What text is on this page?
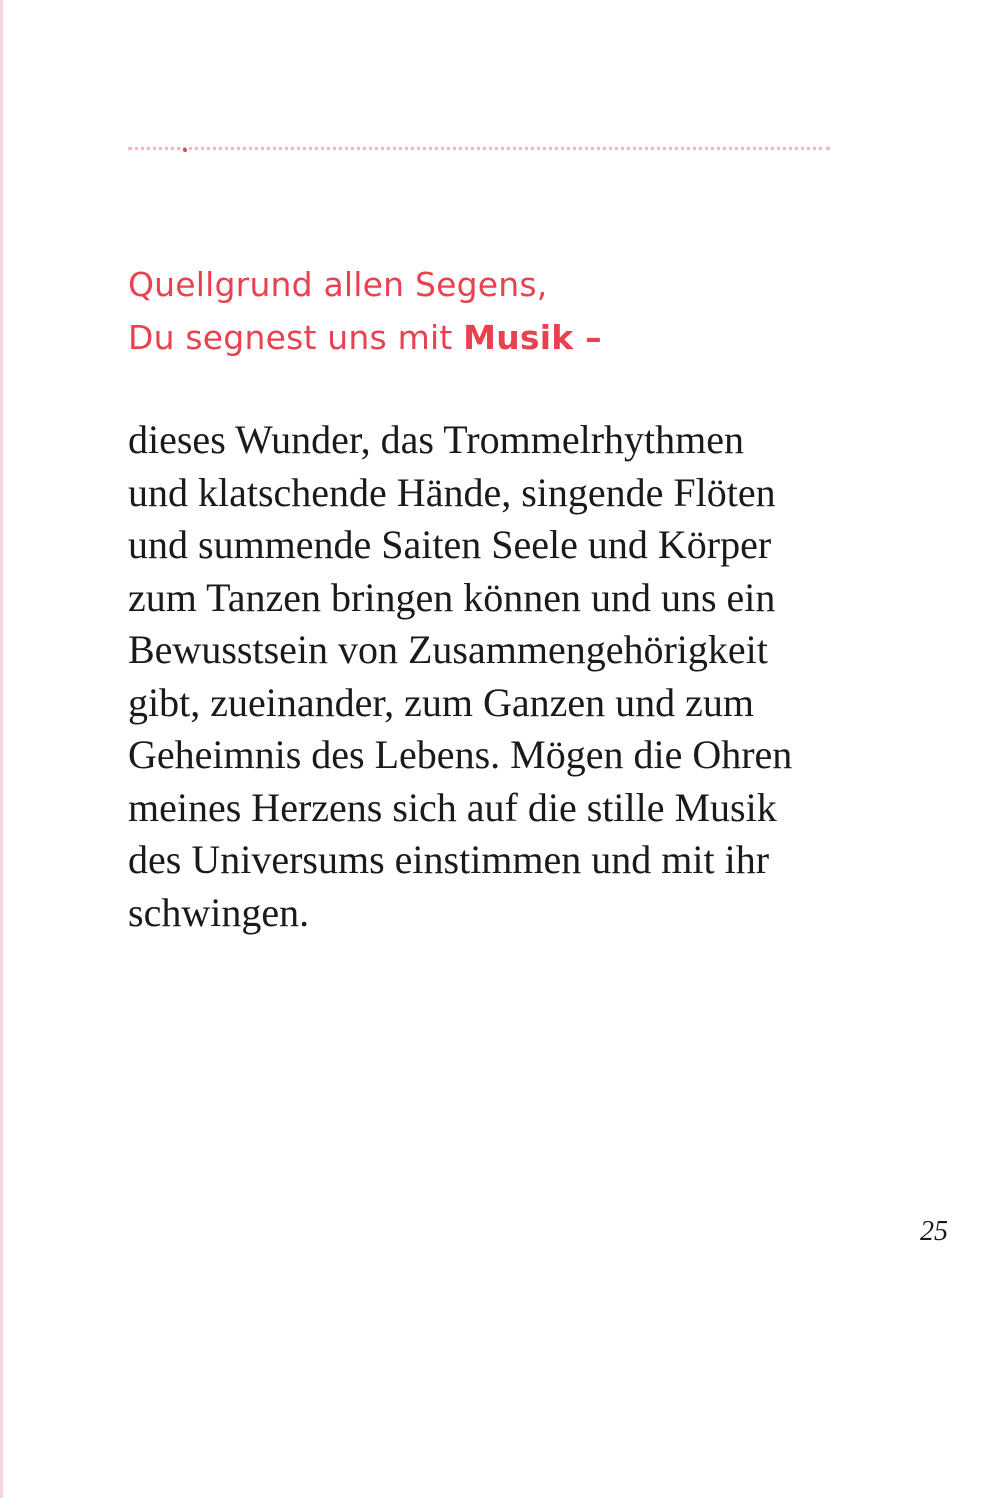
Quellgrund allen Segens,
Du segnest uns mit Musik –

dieses Wunder, das Trommelrhythmen
und klatschende Hände, singende Flöten
und summende Saiten Seele und Körper
zum Tanzen bringen können und uns ein
Bewusstsein von Zusammengehörigkeit
gibt, zueinander, zum Ganzen und zum
Geheimnis des Lebens. Mögen die Ohren
meines Herzens sich auf die stille Musik
des Universums einstimmen und mit ihr
schwingen.

25
